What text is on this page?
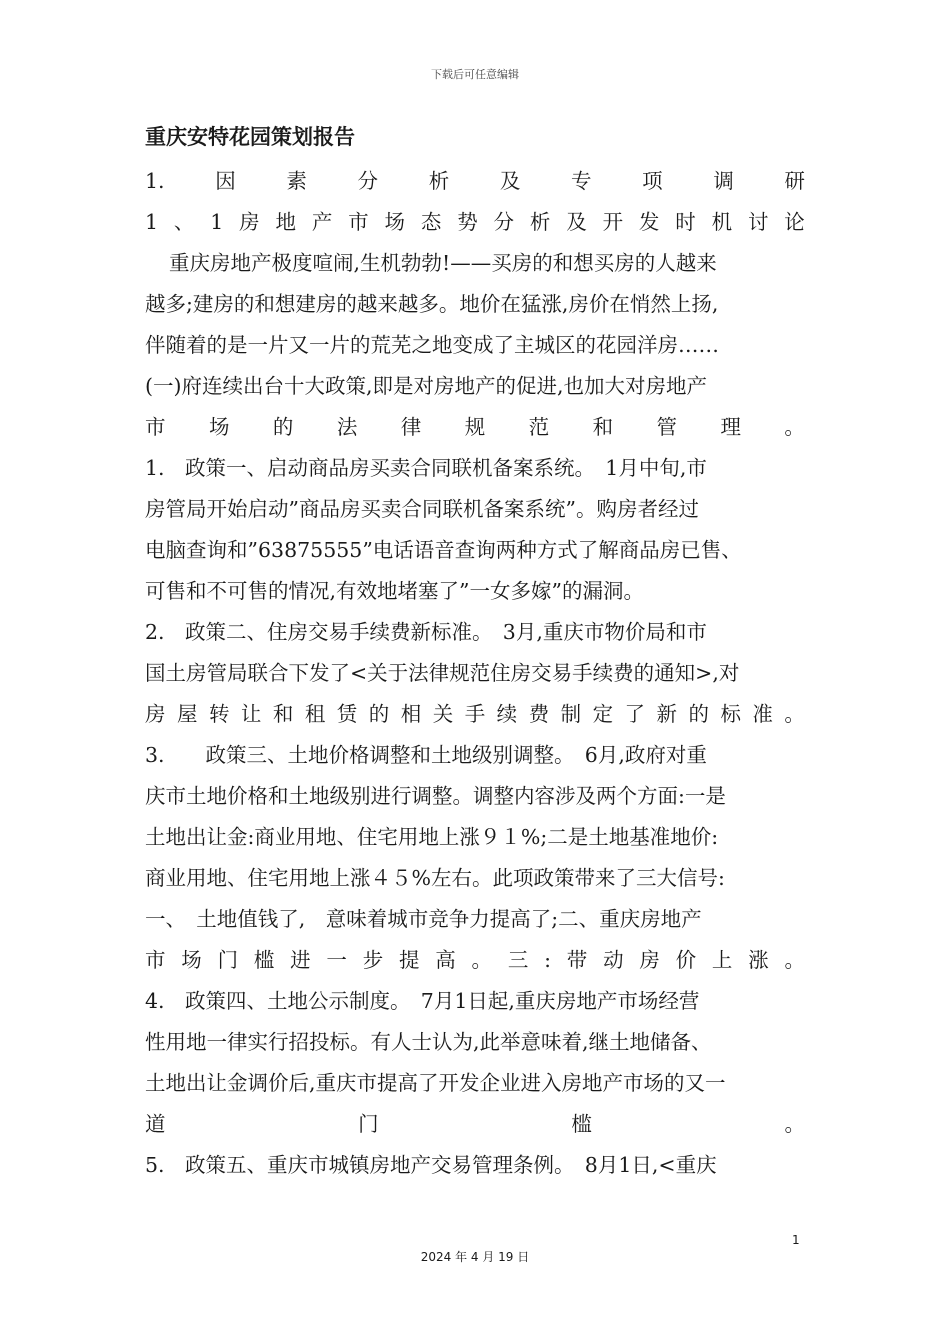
下载后可任意编辑
重庆安特花园策划报告
1. 因 素 分 析 及 专 项 调 研
1 、 1 房 地 产 市 场 态 势 分 析 及 开 发 时 机 讨 论
重庆房地产极度喧闹,生机勃勃!——买房的和想买房的人越来
越多;建房的和想建房的越来越多。地价在猛涨,房价在悄然上扬,
伴随着的是一片又一片的荒芜之地变成了主城区的花园洋房……
(一)府连续出台十大政策,即是对房地产的促进,也加大对房地产
市 场 的 法 律 规 范 和 管 理 。
1.　政策一、启动商品房买卖合同联机备案系统。　1月中旬,市
房管局开始启动”商品房买卖合同联机备案系统”。购房者经过
电脑查询和”63875555”电话语音查询两种方式了解商品房已售、
可售和不可售的情况,有效地堵塞了”一女多嫁”的漏洞。
2.　政策二、住房交易手续费新标准。　3月,重庆市物价局和市
国土房管局联合下发了<关于法律规范住房交易手续费的通知>,对
房 屋 转 让 和 租 赁 的 相 关 手 续 费 制 定 了 新 的 标 准 。
3.　　政策三、土地价格调整和土地级别调整。　6月,政府对重
庆市土地价格和土地级别进行调整。调整内容涉及两个方面:一是
土地出让金:商业用地、住宅用地上涨９１%;二是土地基准地价:
商业用地、住宅用地上涨４５%左右。此项政策带来了三大信号:
一、　土地值钱了,　意味着城市竞争力提高了;二、重庆房地产
市 场 门 槛 进 一 步 提 高 。 三 : 带 动 房 价 上 涨 。
4.　政策四、土地公示制度。　7月1日起,重庆房地产市场经营
性用地一律实行招投标。有人士认为,此举意味着,继土地储备、
土地出让金调价后,重庆市提高了开发企业进入房地产市场的又一
道	门	槛	。
5.　政策五、重庆市城镇房地产交易管理条例。　8月1日,<重庆
1
2024 年 4 月 19 日
